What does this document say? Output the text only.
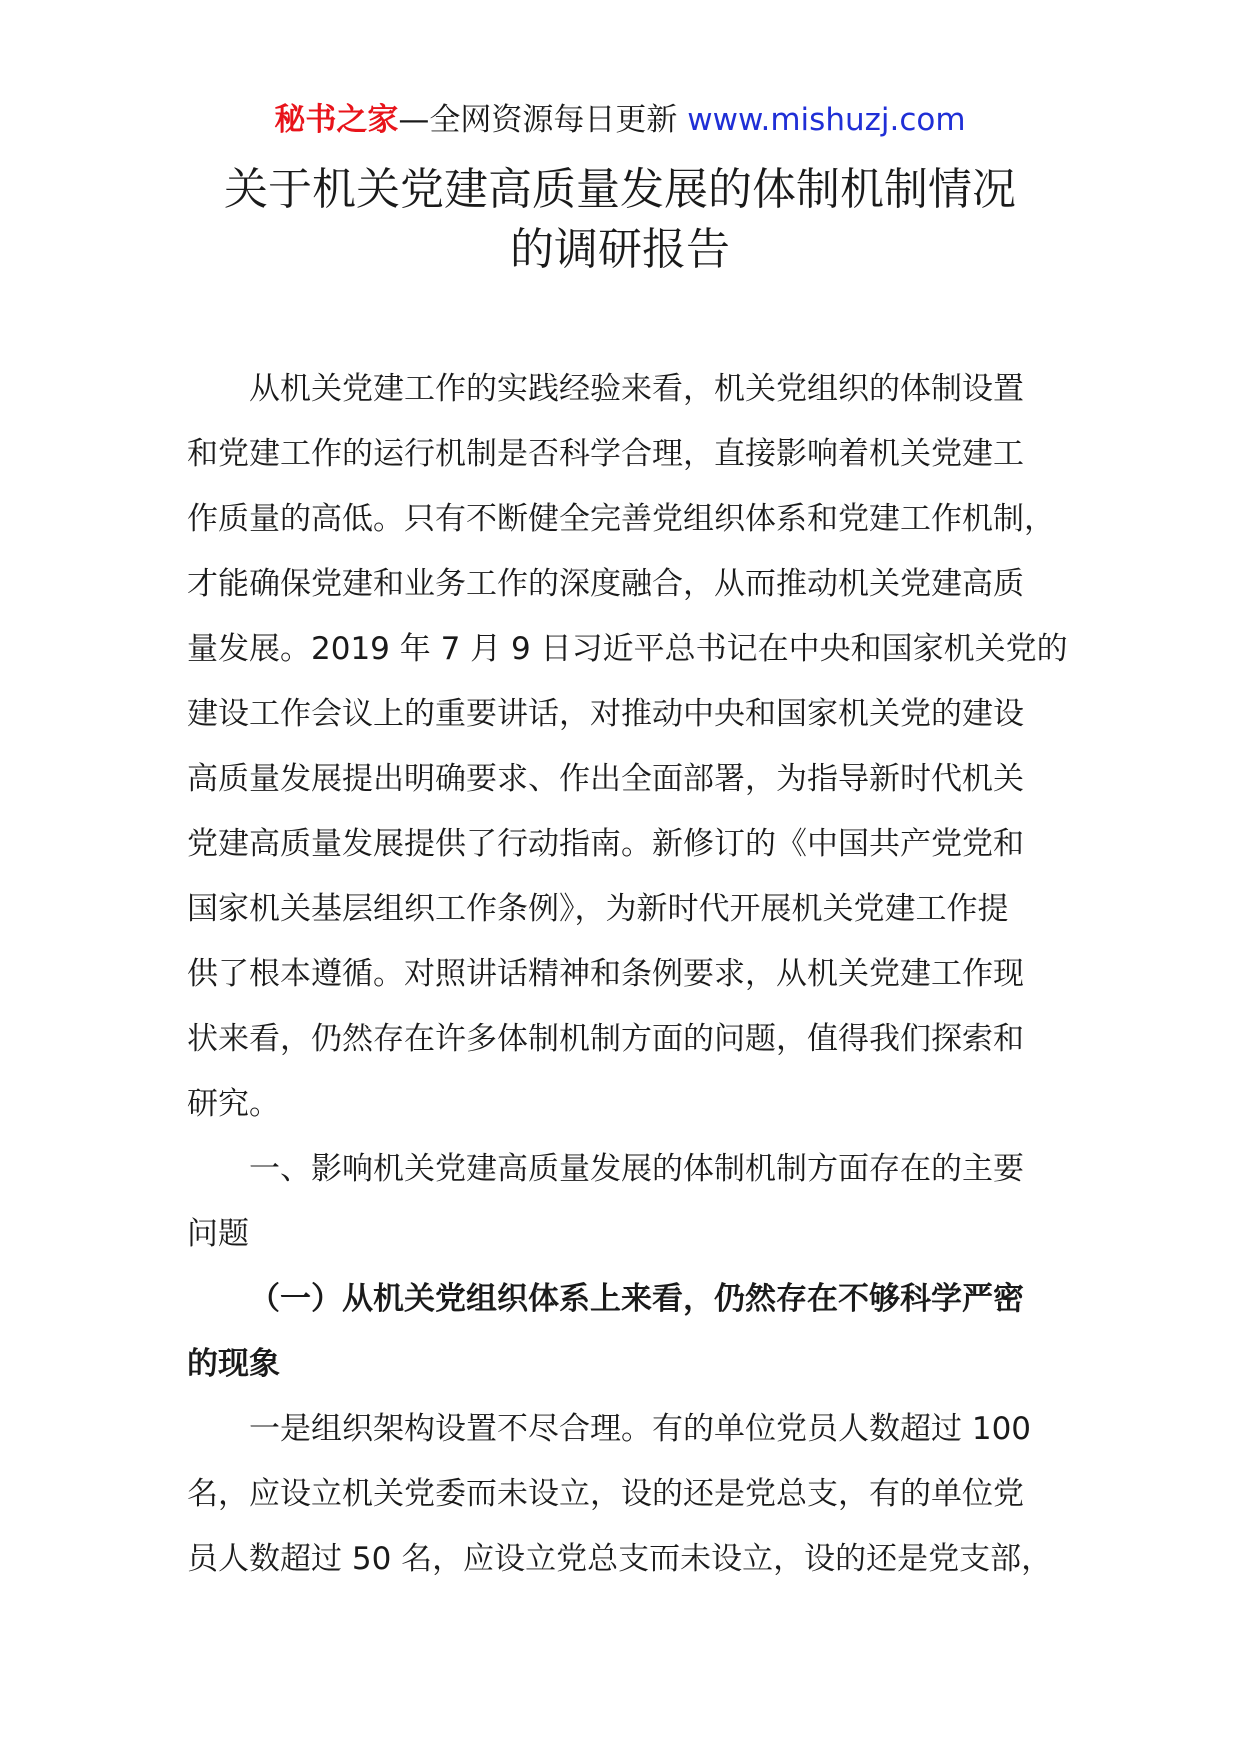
秘书之家—全网资源每日更新 www.mishuzj.com
关于机关党建高质量发展的体制机制情况
的调研报告
从机关党建工作的实践经验来看，机关党组织的体制设置
和党建工作的运行机制是否科学合理，直接影响着机关党建工
作质量的高低。只有不断健全完善党组织体系和党建工作机制，
才能确保党建和业务工作的深度融合，从而推动机关党建高质
量发展。2019 年 7 月 9 日习近平总书记在中央和国家机关党的
建设工作会议上的重要讲话，对推动中央和国家机关党的建设
高质量发展提出明确要求、作出全面部署，为指导新时代机关
党建高质量发展提供了行动指南。新修订的《中国共产党党和
国家机关基层组织工作条例》，为新时代开展机关党建工作提
供了根本遵循。对照讲话精神和条例要求，从机关党建工作现
状来看，仍然存在许多体制机制方面的问题，值得我们探索和
研究。
一、影响机关党建高质量发展的体制机制方面存在的主要
问题
（一）从机关党组织体系上来看，仍然存在不够科学严密
的现象
一是组织架构设置不尽合理。有的单位党员人数超过 100
名，应设立机关党委而未设立，设的还是党总支，有的单位党
员人数超过 50 名，应设立党总支而未设立，设的还是党支部，
